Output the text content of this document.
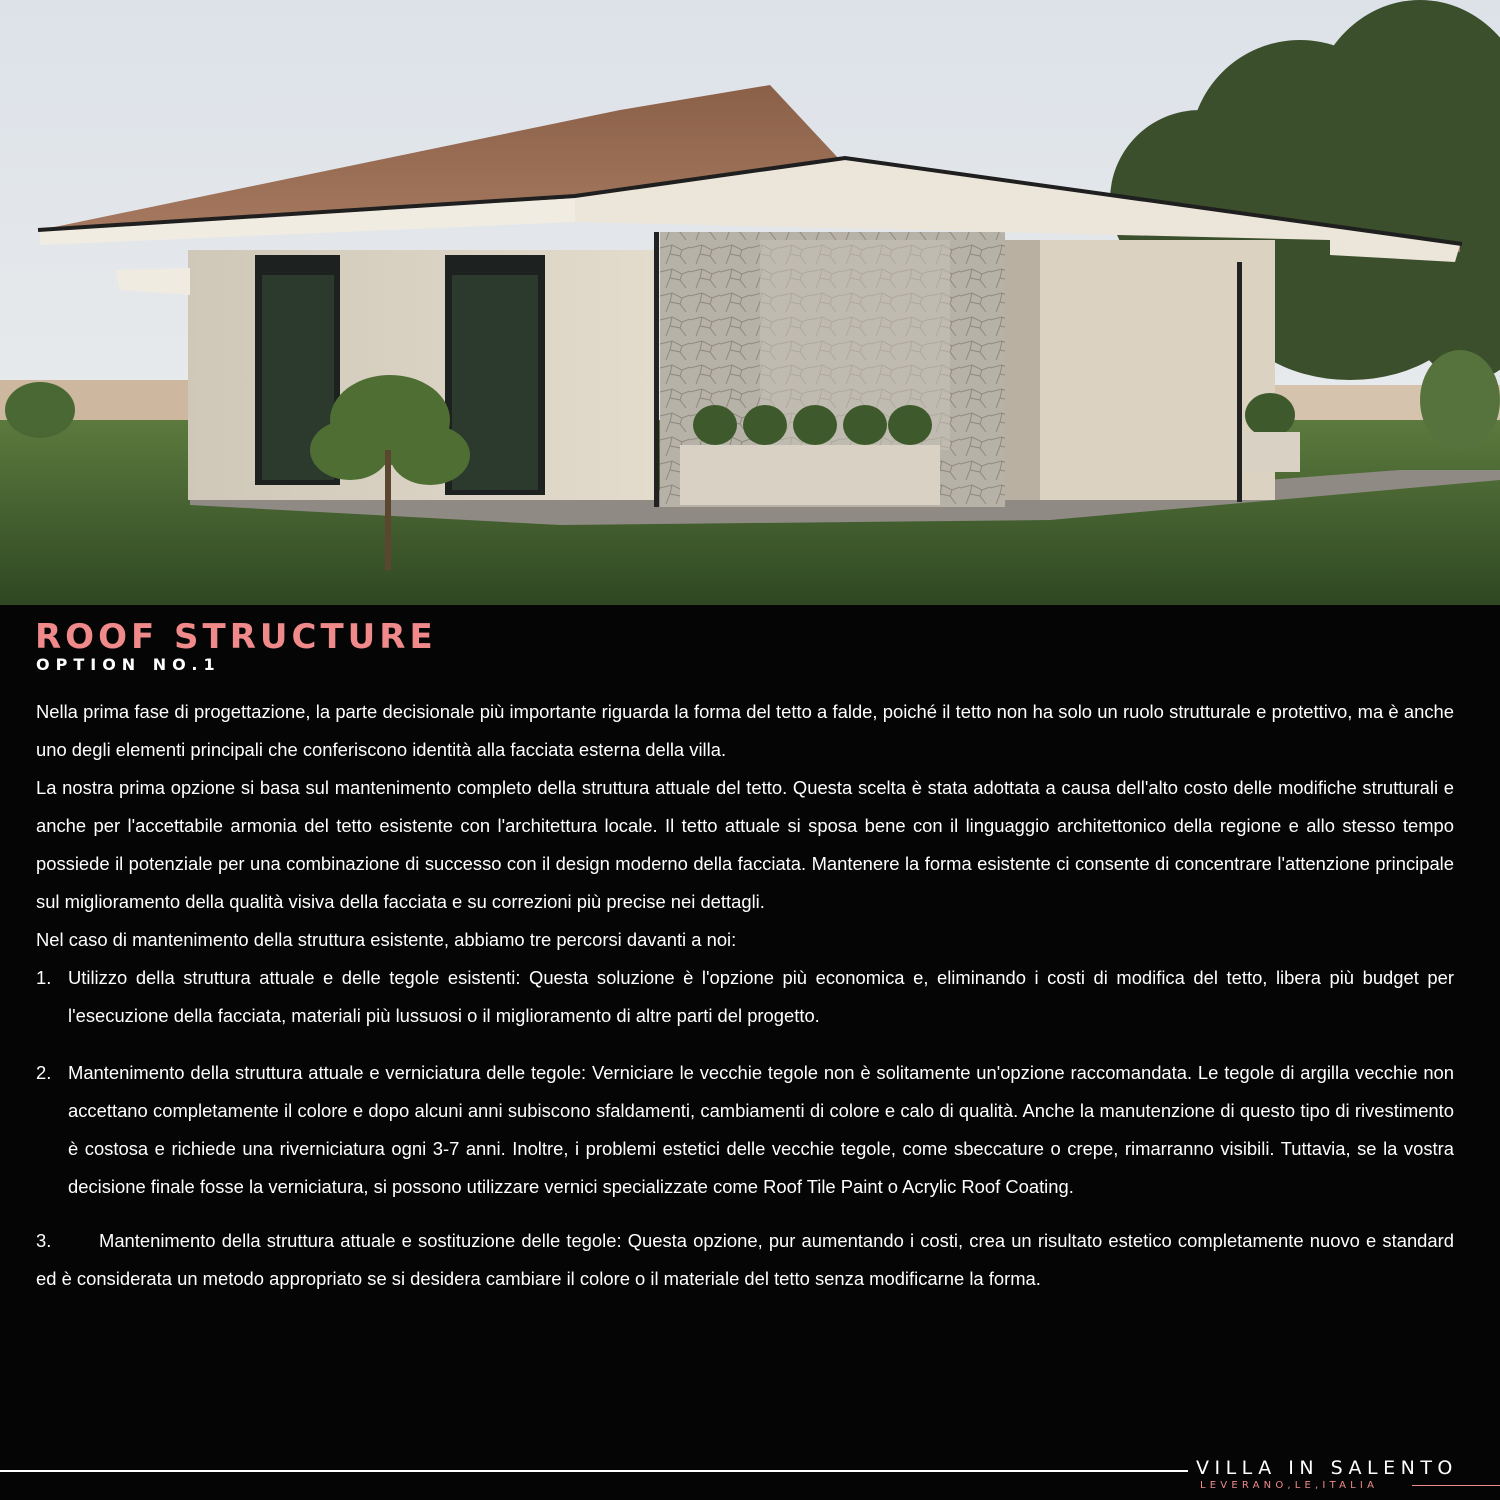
ROOF STRUCTURE
OPTION NO.1

Nella prima fase di progettazione, la parte decisionale più importante riguarda la forma del tetto a falde, poiché il tetto non ha solo un ruolo strutturale e protettivo, ma è anche uno degli elementi principali che conferiscono identità alla facciata esterna della villa.

La nostra prima opzione si basa sul mantenimento completo della struttura attuale del tetto. Questa scelta è stata adottata a causa dell'alto costo delle modifiche strutturali e anche per l'accettabile armonia del tetto esistente con l'architettura locale. Il tetto attuale si sposa bene con il linguaggio architettonico della regione e allo stesso tempo possiede il potenziale per una combinazione di successo con il design moderno della facciata. Mantenere la forma esistente ci consente di concentrare l'attenzione principale sul miglioramento della qualità visiva della facciata e su correzioni più precise nei dettagli.

Nel caso di mantenimento della struttura esistente, abbiamo tre percorsi davanti a noi:

1. Utilizzo della struttura attuale e delle tegole esistenti: Questa soluzione è l'opzione più economica e, eliminando i costi di modifica del tetto, libera più budget per l'esecuzione della facciata, materiali più lussuosi o il miglioramento di altre parti del progetto.
2. Mantenimento della struttura attuale e verniciatura delle tegole: Verniciare le vecchie tegole non è solitamente un'opzione raccomandata. Le tegole di argilla vecchie non accettano completamente il colore e dopo alcuni anni subiscono sfaldamenti, cambiamenti di colore e calo di qualità. Anche la manutenzione di questo tipo di rivestimento è costosa e richiede una riverniciatura ogni 3-7 anni. Inoltre, i problemi estetici delle vecchie tegole, come sbeccature o crepe, rimarranno visibili. Tuttavia, se la vostra decisione finale fosse la verniciatura, si possono utilizzare vernici specializzate come Roof Tile Paint o Acrylic Roof Coating.
3.	Mantenimento della struttura attuale e sostituzione delle tegole: Questa opzione, pur aumentando i costi, crea un risultato estetico completamente nuovo e standard ed è considerata un metodo appropriato se si desidera cambiare il colore o il materiale del tetto senza modificarne la forma.

VILLA IN SALENTO

LEVERANO,LE,ITALIA
